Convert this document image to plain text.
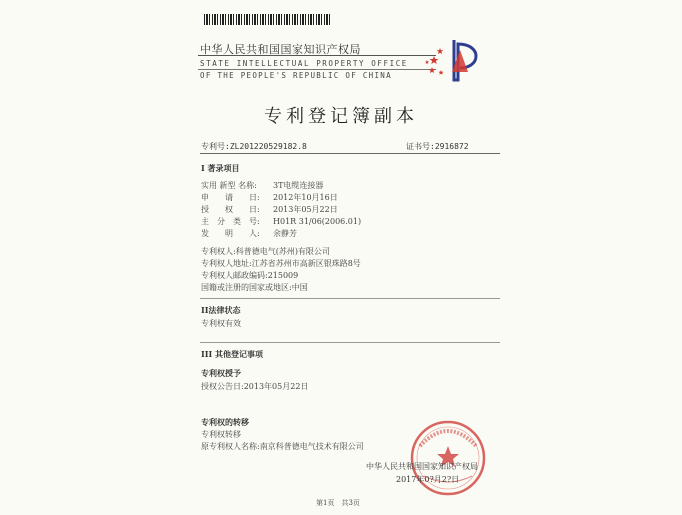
中华人民共和国国家知识产权局
STATE INTELLECTUAL PROPERTY OFFICE
OF THE PEOPLE'S REPUBLIC OF CHINA
专利登记簿副本
专利号:ZL201220529182.8	证书号:2916872
I 著录项目
实用 新型 名称: 3T电缆连接器
申　　请　　日: 2012年10月16日
授　　权　　日: 2013年05月22日
主　分　类　号: H01R 31/06(2006.01)
发　　明　　人: 余静芳
专利权人:科普德电气(苏州)有限公司
专利权人地址:江苏省苏州市高新区银珠路8号
专利权人邮政编码:215009
国籍或注册的国家或地区:中国
II法律状态
专利权有效
III 其他登记事项
专利权授予
授权公告日:2013年05月22日
专利权的转移
专利权转移
原专利权人名称:南京科普德电气技术有限公司
中华人民共和国国家知识产权局
2017年0?月2?日
第1页　共3页
